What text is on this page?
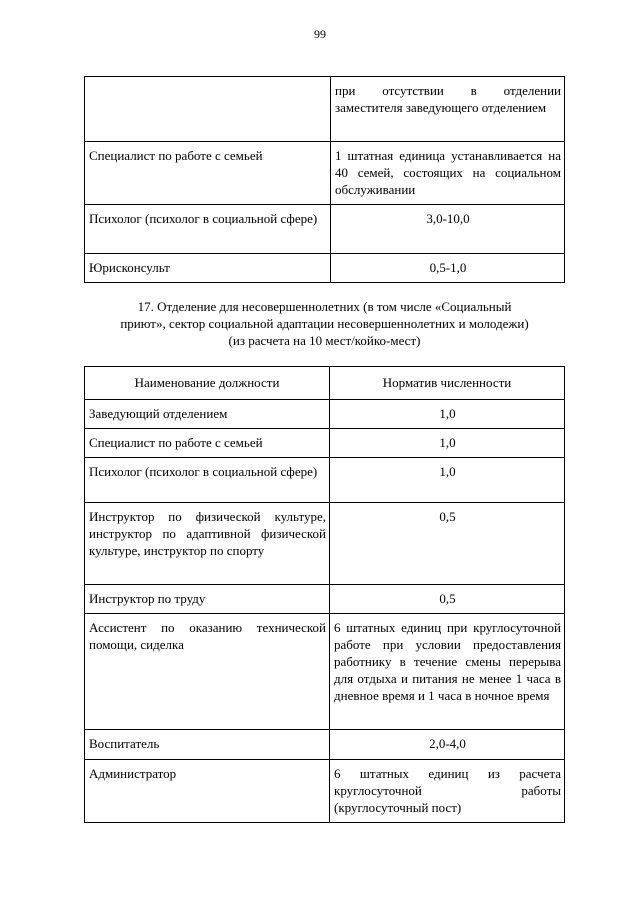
99
	при отсутствии в отделении заместителя заведующего отделением
Специалист по работе с семьей	1 штатная единица устанавливается на 40 семей, состоящих на социальном обслуживании
Психолог (психолог в социальной сфере)	3,0-10,0
Юрисконсульт	0,5-1,0
17. Отделение для несовершеннолетних (в том числе «Социальный
приют», сектор социальной адаптации несовершеннолетних и молодежи)
(из расчета на 10 мест/койко-мест)
Наименование должности	Норматив численности
Заведующий отделением	1,0
Специалист по работе с семьей	1,0
Психолог (психолог в социальной сфере)	1,0
Инструктор по физической культуре, инструктор по адаптивной физической культуре, инструктор по спорту	0,5
Инструктор по труду	0,5
Ассистент по оказанию технической помощи, сиделка	6 штатных единиц при круглосуточной работе при условии предоставления работнику в течение смены перерыва для отдыха и питания не менее 1 часа в дневное время и 1 часа в ночное время
Воспитатель	2,0-4,0
Администратор	6 штатных единиц из расчета круглосуточной работы (круглосуточный пост)
